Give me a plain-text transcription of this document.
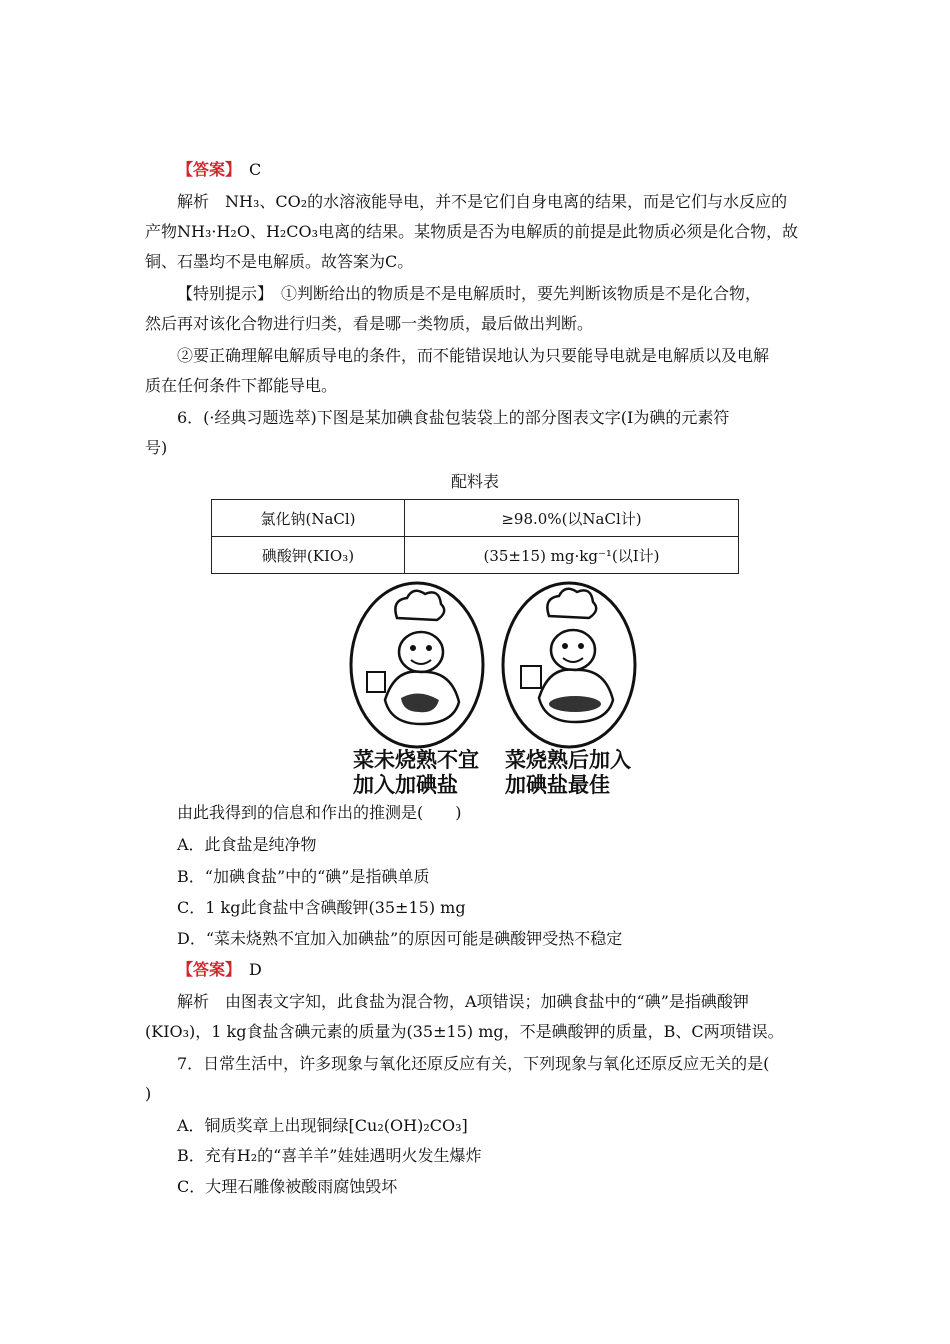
【答案】　 C
解析　NH₃、CO₂的水溶液能导电，并不是它们自身电离的结果，而是它们与水反应的
产物NH₃·H₂O、H₂CO₃电离的结果。某物质是否为电解质的前提是此物质必须是化合物，故
铜、石墨均不是电解质。故答案为C。
【特别提示】　①判断给出的物质是不是电解质时，要先判断该物质是不是化合物，
然后再对该化合物进行归类，看是哪一类物质，最后做出判断。
②要正确理解电解质导电的条件，而不能错误地认为只要能导电就是电解质以及电解
质在任何条件下都能导电。
6．(·经典习题选萃)下图是某加碘食盐包装袋上的部分图表文字(Ⅰ为碘的元素符
号)
配料表
氯化钠(NaCl)	≥98.0%(以NaCl计)
碘酸钾(KIO₃)	(35±15) mg·kg⁻¹(以Ⅰ计)
菜未烧熟不宜
加入加碘盐
菜烧熟后加入
加碘盐最佳
由此我得到的信息和作出的推测是(　　)
A．此食盐是纯净物
B．“加碘食盐”中的“碘”是指碘单质
C．1 kg此食盐中含碘酸钾(35±15) mg
D．“菜未烧熟不宜加入加碘盐”的原因可能是碘酸钾受热不稳定
【答案】　 D
解析　由图表文字知，此食盐为混合物，A项错误；加碘食盐中的“碘”是指碘酸钾
(KIO₃)，1 kg食盐含碘元素的质量为(35±15) mg，不是碘酸钾的质量，B、C两项错误。
7．日常生活中，许多现象与氧化还原反应有关，下列现象与氧化还原反应无关的是(
)
A．铜质奖章上出现铜绿[Cu₂(OH)₂CO₃]
B．充有H₂的“喜羊羊”娃娃遇明火发生爆炸
C．大理石雕像被酸雨腐蚀毁坏
